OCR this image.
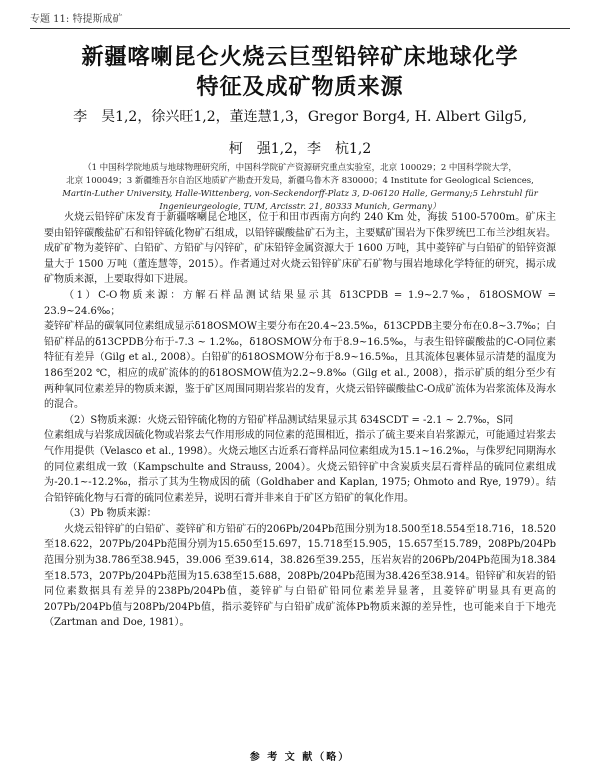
专题 11: 特提斯成矿
新疆喀喇昆仑火烧云巨型铅锌矿床地球化学
特征及成矿物质来源
李　昊1,2，徐兴旺1,2，董连慧1,3，Gregor Borg4, H. Albert Gilg5,
柯　强1,2，李　杭1,2
（1 中国科学院地质与地球物理研究所，中国科学院矿产资源研究重点实验室，北京 100029；2 中国科学院大学，
北京 100049；3 新疆维吾尔自治区地质矿产勘查开发局，新疆乌鲁木齐 830000；4 Institute for Geological Sciences,
Martin-Luther University, Halle-Wittenberg, von-Seckendorff-Platz 3, D-06120 Halle, Germany;5 Lehrstuhl für
Ingenieurgeologie, TUM, Arcisstr. 21, 80333 Munich, Germany）

火烧云铅锌矿床发育于新疆喀喇昆仑地区，位于和田市西南方向约 240 Km 处，海拔 5100-5700m。矿床主要由铅锌碳酸盐矿石和铅锌硫化物矿石组成，以铅锌碳酸盐矿石为主，主要赋矿围岩为下侏罗统巴工布兰沙组灰岩。成矿矿物为菱锌矿、白铅矿、方铅矿与闪锌矿，矿床铅锌金属资源大于 1600 万吨，其中菱锌矿与白铅矿的铅锌资源量大于 1500 万吨（董连慧等，2015）。作者通过对火烧云铅锌矿床矿石矿物与围岩地球化学特征的研究，揭示成矿物质来源，上要取得如下进展。

（1）C-O物质来源：方解石样品测试结果显示其 δ13CPDB = 1.9~2.7‰，δ18OSMOW = 23.9~24.6‰；

菱锌矿样品的碳氧同位素组成显示δ18OSMOW主要分布在20.4~23.5‰，δ13CPDB主要分布在0.8~3.7‰；白铅矿样品的δ13CPDB分布于-7.3 ~ 1.2‰，δ18OSMOW分布于8.9~16.5‰，与表生铅锌碳酸盐的C-O同位素特征有差异（Gilg et al., 2008）。白铅矿的δ18OSMOW分布于8.9~16.5‰，且其流体包裹体显示清楚的温度为186至202 ℃，相应的成矿流体的的δ18OSMOW值为2.2~9.8‰（Gilg et al., 2008），指示矿质的组分至少有两种氧同位素差异的物质来源，鉴于矿区周围同期岩浆岩的发育，火烧云铅锌碳酸盐C-O成矿流体为岩浆流体及海水的混合。

（2）S物质来源：火烧云铅锌硫化物的方铅矿样品测试结果显示其 δ34SCDT = -2.1 ~ 2.7‰，S同

位素组成与岩浆成因硫化物或岩浆去气作用形成的同位素的范围相近，指示了硫主要来自岩浆源元，可能通过岩浆去气作用提供（Velasco et al., 1998）。火烧云地区古近系石膏样品同位素组成为15.1~16.2‰，与侏罗纪同期海水的同位素组成一致（Kampschulte and Strauss, 2004）。火烧云铅锌矿中含炭质夹层石膏样品的硫同位素组成为-20.1~-12.2‰，指示了其为生物成因的硫（Goldhaber and Kaplan, 1975; Ohmoto and Rye, 1979）。结合铅锌硫化物与石膏的硫同位素差异，说明石膏并非来自于矿区方铅矿的氧化作用。

（3）Pb 物质来源：

火烧云铅锌矿的白铅矿、菱锌矿和方铅矿石的206Pb/204Pb范围分别为18.500至18.554至18.716，18.520至18.622，207Pb/204Pb范围分别为15.650至15.697，15.718至15.905，15.657至15.789，208Pb/204Pb范围分别为38.786至38.945，39.006 至39.614，38.826至39.255，压岩灰岩的206Pb/204Pb范围为18.384至18.573，207Pb/204Pb范围为15.638至15.688，208Pb/204Pb范围为38.426至38.914。铅锌矿和灰岩的铅同位素数据具有差异的238Pb/204Pb值，菱锌矿与白铅矿铅同位素差异显著，且菱锌矿明显具有更高的207Pb/204Pb值与208Pb/204Pb值，指示菱锌矿与白铅矿成矿流体Pb物质来源的差异性，也可能来自于下地壳（Zartman and Doe, 1981）。

参 考 文 献（略）
